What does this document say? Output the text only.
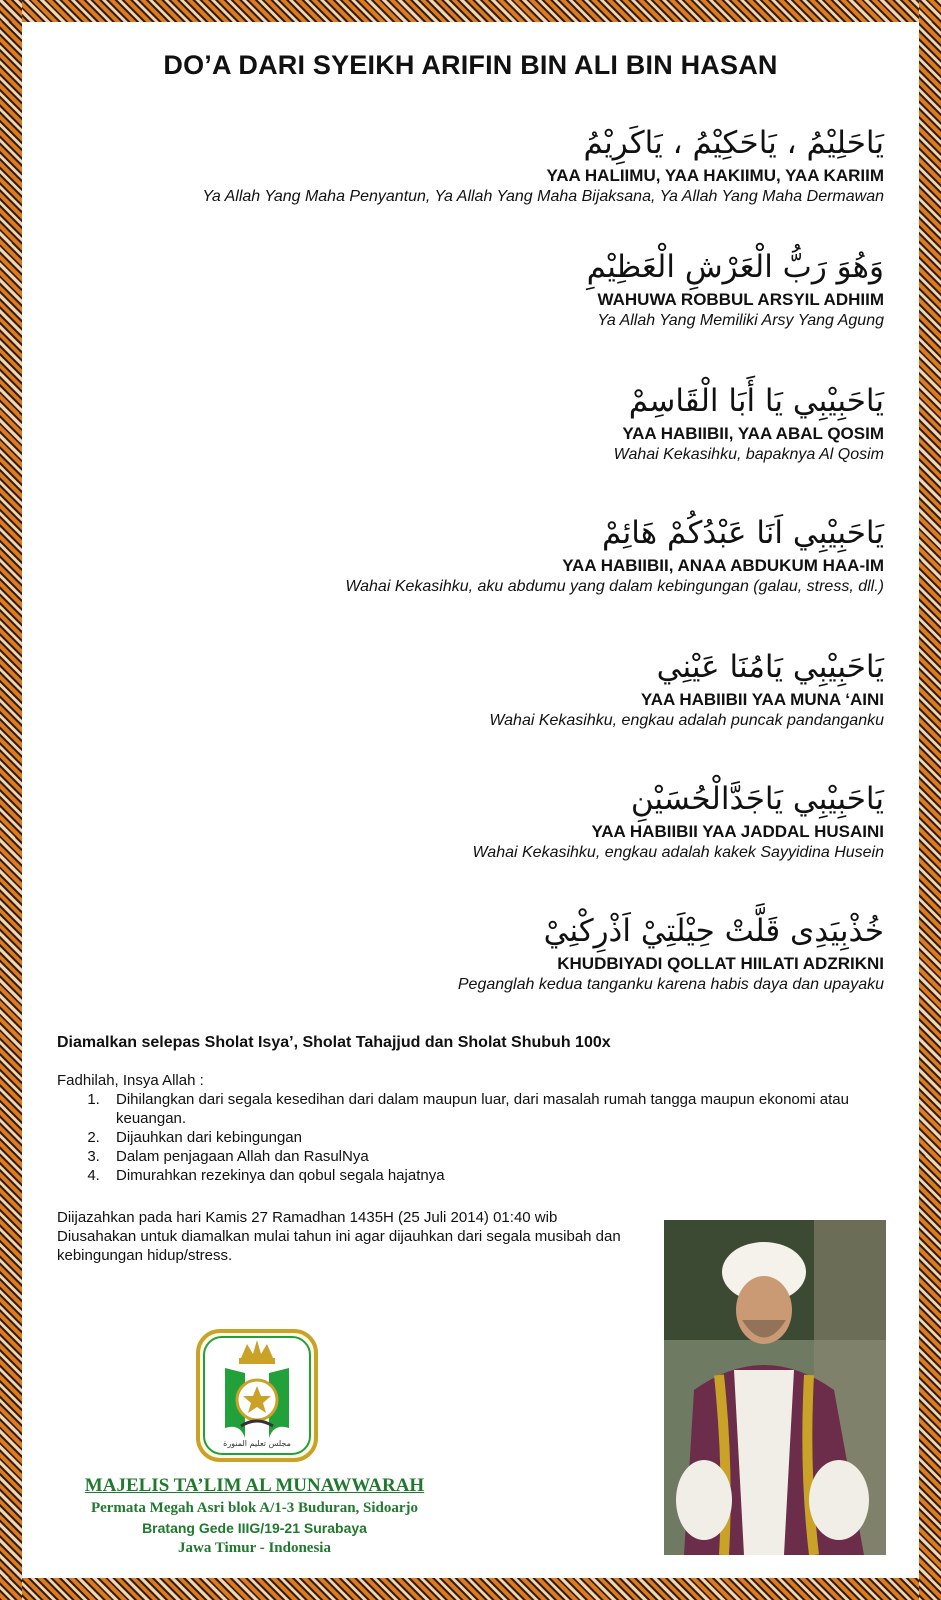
DO’A DARI SYEIKH ARIFIN BIN ALI BIN HASAN
يَاحَلِيْمُ ، يَاحَكِيْمُ ، يَاكَرِيْمُ
YAA HALIIMU, YAA HAKIIMU, YAA KARIIM
Ya Allah Yang Maha Penyantun, Ya Allah Yang Maha Bijaksana, Ya Allah Yang Maha Dermawan
وَهُوَ رَبُّ الْعَرْشِ الْعَظِيْمِ
WAHUWA ROBBUL ARSYIL ADHIIM
Ya Allah Yang Memiliki Arsy Yang Agung
يَاحَبِيْبِي يَا أَبَا الْقَاسِمْ
YAA HABIIBII, YAA ABAL QOSIM
Wahai Kekasihku, bapaknya Al Qosim
يَاحَبِيْبِي اَنَا عَبْدُكُمْ هَائِمْ
YAA HABIIBII, ANAA ABDUKUM HAA-IM
Wahai Kekasihku, aku abdumu yang dalam kebingungan (galau, stress, dll.)
يَاحَبِيْبِي يَامُنَا عَيْنِي
YAA HABIIBII YAA MUNA ‘AINI
Wahai Kekasihku, engkau adalah puncak pandanganku
يَاحَبِيْبِي يَاجَدَّالْحُسَيْنِ
YAA HABIIBII YAA JADDAL HUSAINI
Wahai Kekasihku, engkau adalah kakek Sayyidina Husein
خُذْبِيَدِى قَلَّتْ حِيْلَتِيْ اَذْرِكْنِيْ
KHUDBIYADI QOLLAT HIILATI ADZRIKNI
Peganglah kedua tanganku karena habis daya dan upayaku
Diamalkan selepas Sholat Isya’, Sholat Tahajjud dan Sholat Shubuh 100x
Fadhilah, Insya Allah :
1. Dihilangkan dari segala kesedihan dari dalam maupun luar, dari masalah rumah tangga maupun ekonomi atau keuangan.
2. Dijauhkan dari kebingungan
3. Dalam penjagaan Allah dan RasulNya
4. Dimurahkan rezekinya dan qobul segala hajatnya
Diijazahkan pada hari Kamis 27 Ramadhan 1435H (25 Juli 2014) 01:40 wib
Diusahakan untuk diamalkan mulai tahun ini agar dijauhkan dari segala musibah dan kebingungan hidup/stress.
مجلس تعليم المنورة
MAJELIS TA’LIM AL MUNAWWARAH
Permata Megah Asri blok A/1-3 Buduran, Sidoarjo
Bratang Gede IIIG/19-21 Surabaya
Jawa Timur - Indonesia
